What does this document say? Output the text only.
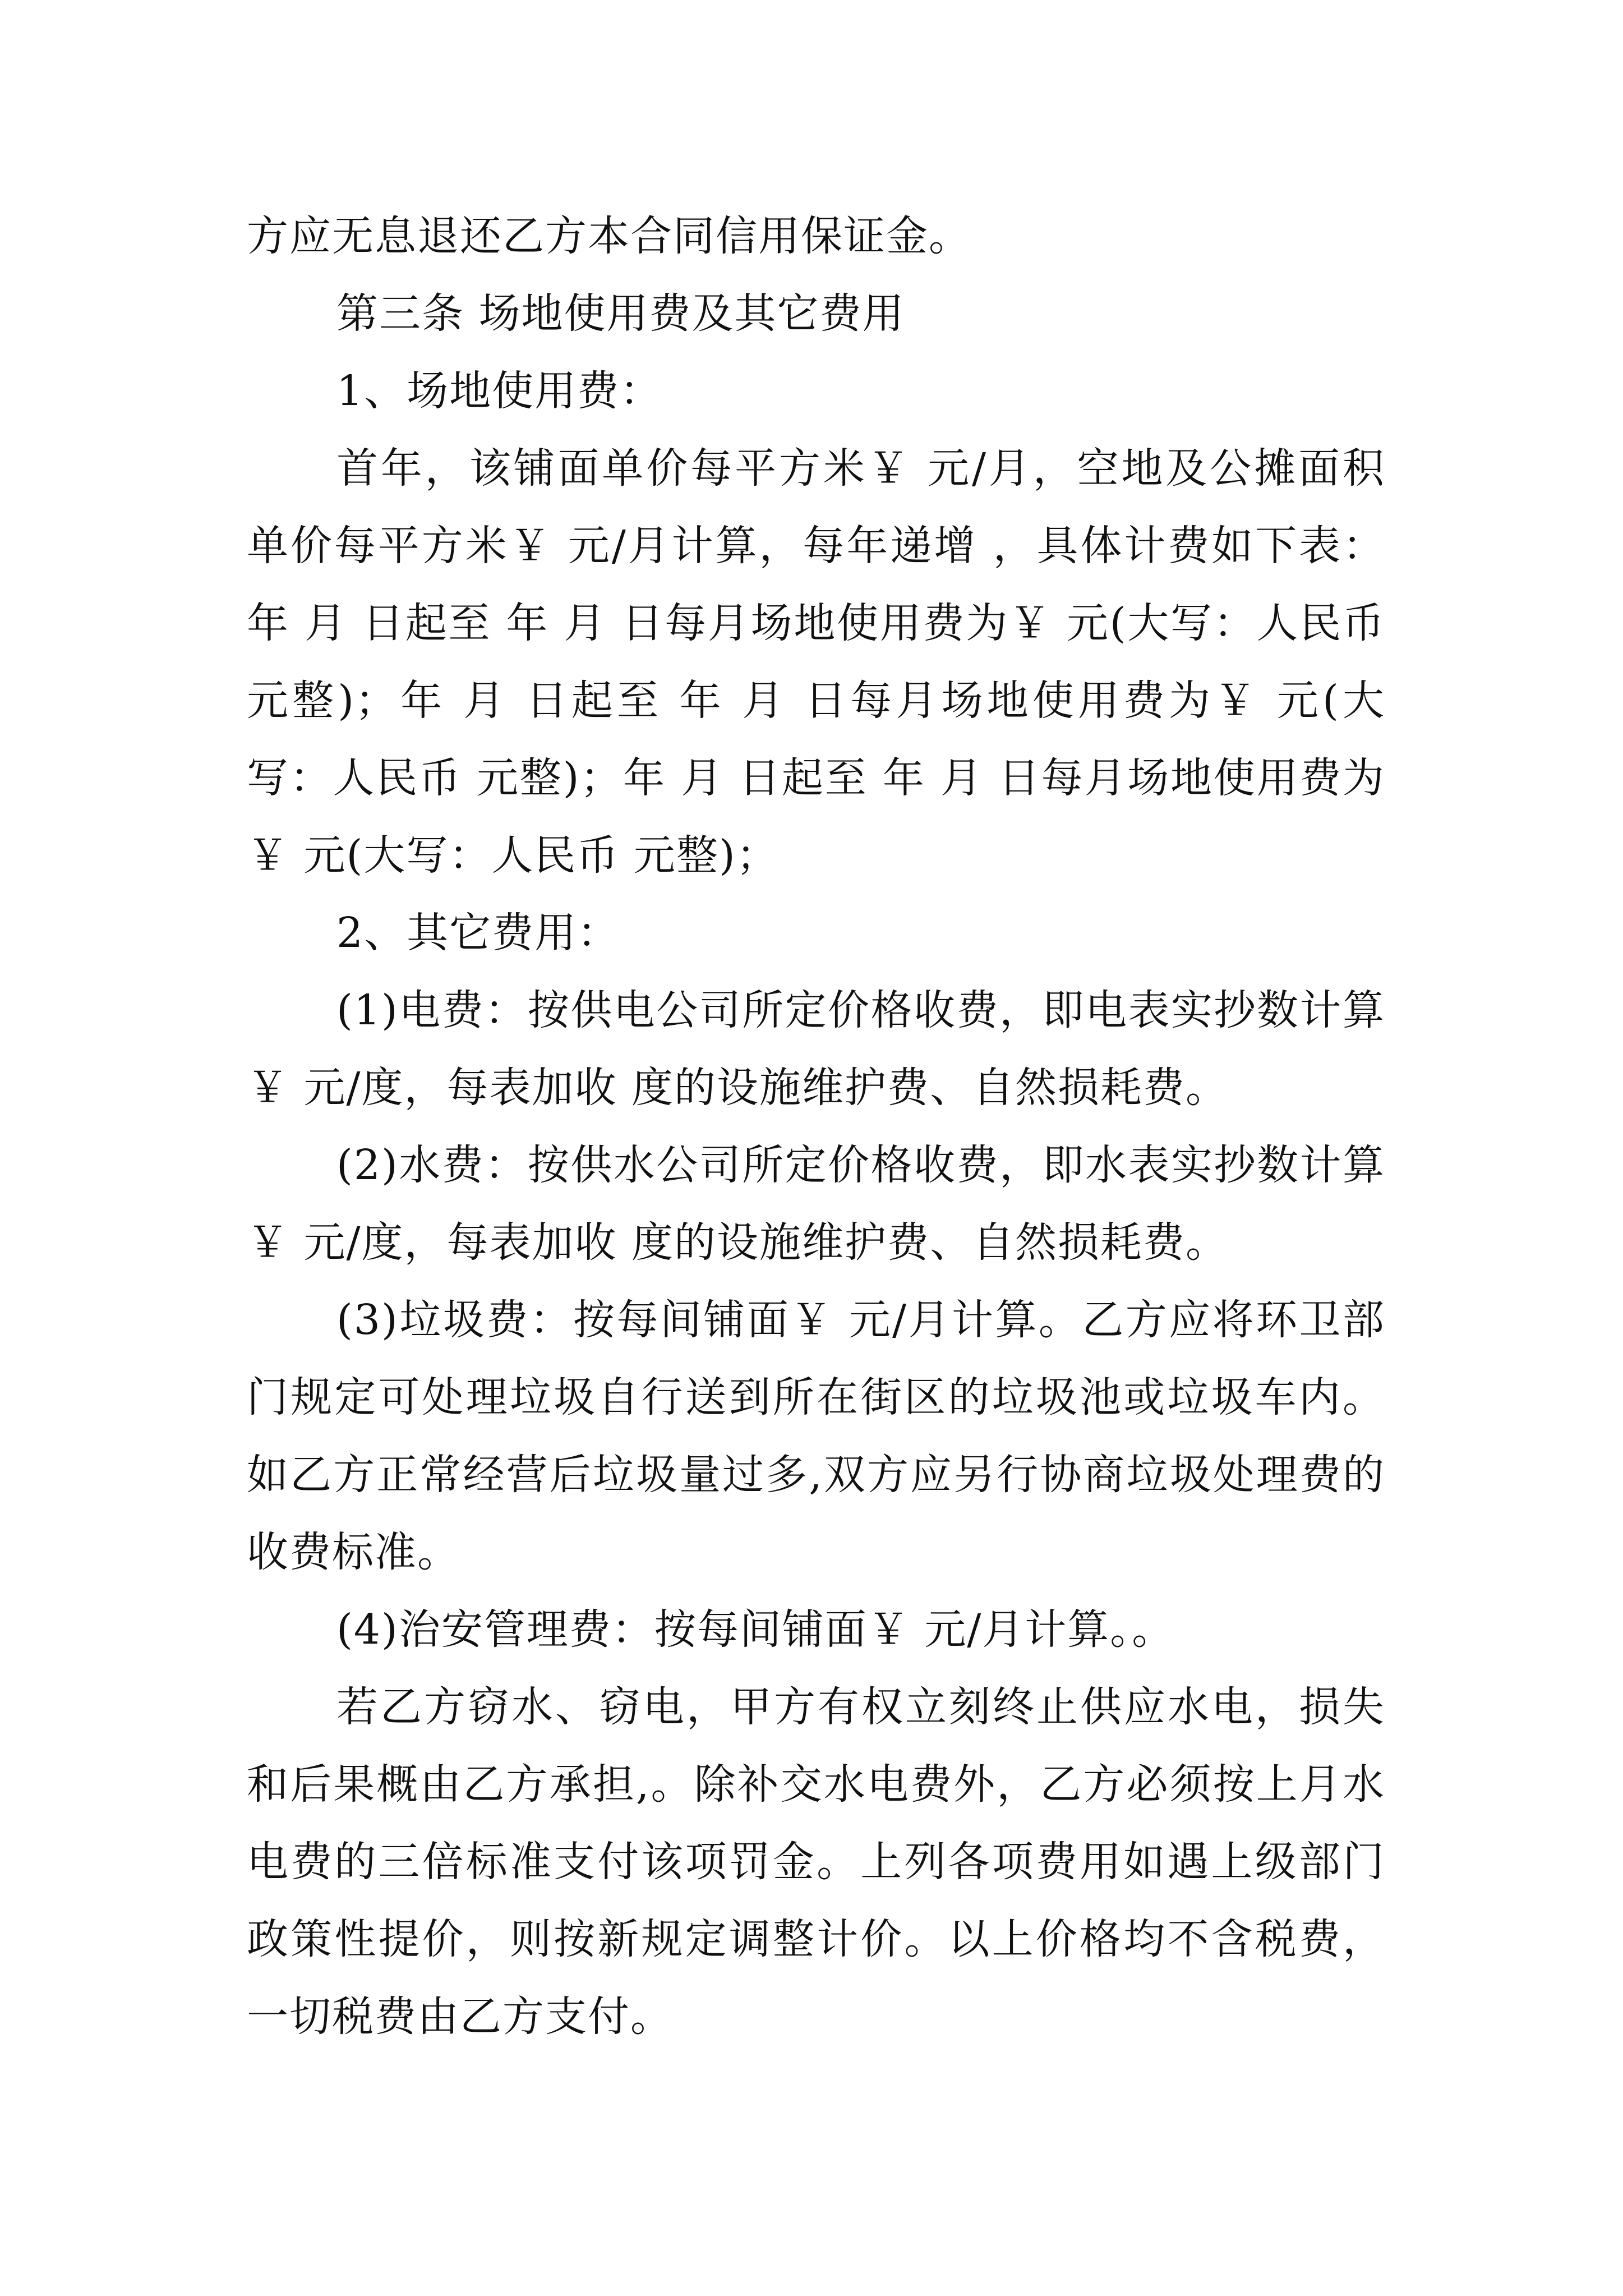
方应无息退还乙方本合同信用保证金。

第三条 场地使用费及其它费用

1、场地使用费：

首年，该铺面单价每平方米￥ 元/月，空地及公摊面积单价每平方米￥ 元/月计算，每年递增 ，具体计费如下表：年 月 日起至 年 月 日每月场地使用费为￥ 元(大写：人民币 元整)；年 月 日起至 年 月 日每月场地使用费为￥ 元(大写：人民币 元整)；年 月 日起至 年 月 日每月场地使用费为￥ 元(大写：人民币 元整)；

2、其它费用：

(1)电费：按供电公司所定价格收费，即电表实抄数计算 ￥ 元/度，每表加收 度的设施维护费、自然损耗费。

(2)水费：按供水公司所定价格收费，即水表实抄数计算 ￥ 元/度，每表加收 度的设施维护费、自然损耗费。

(3)垃圾费：按每间铺面￥ 元/月计算。乙方应将环卫部门规定可处理垃圾自行送到所在街区的垃圾池或垃圾车内。如乙方正常经营后垃圾量过多,双方应另行协商垃圾处理费的收费标准。

(4)治安管理费：按每间铺面￥ 元/月计算。。

若乙方窃水、窃电，甲方有权立刻终止供应水电，损失和后果概由乙方承担,。除补交水电费外，乙方必须按上月水电费的三倍标准支付该项罚金。上列各项费用如遇上级部门政策性提价，则按新规定调整计价。以上价格均不含税费，一切税费由乙方支付。
